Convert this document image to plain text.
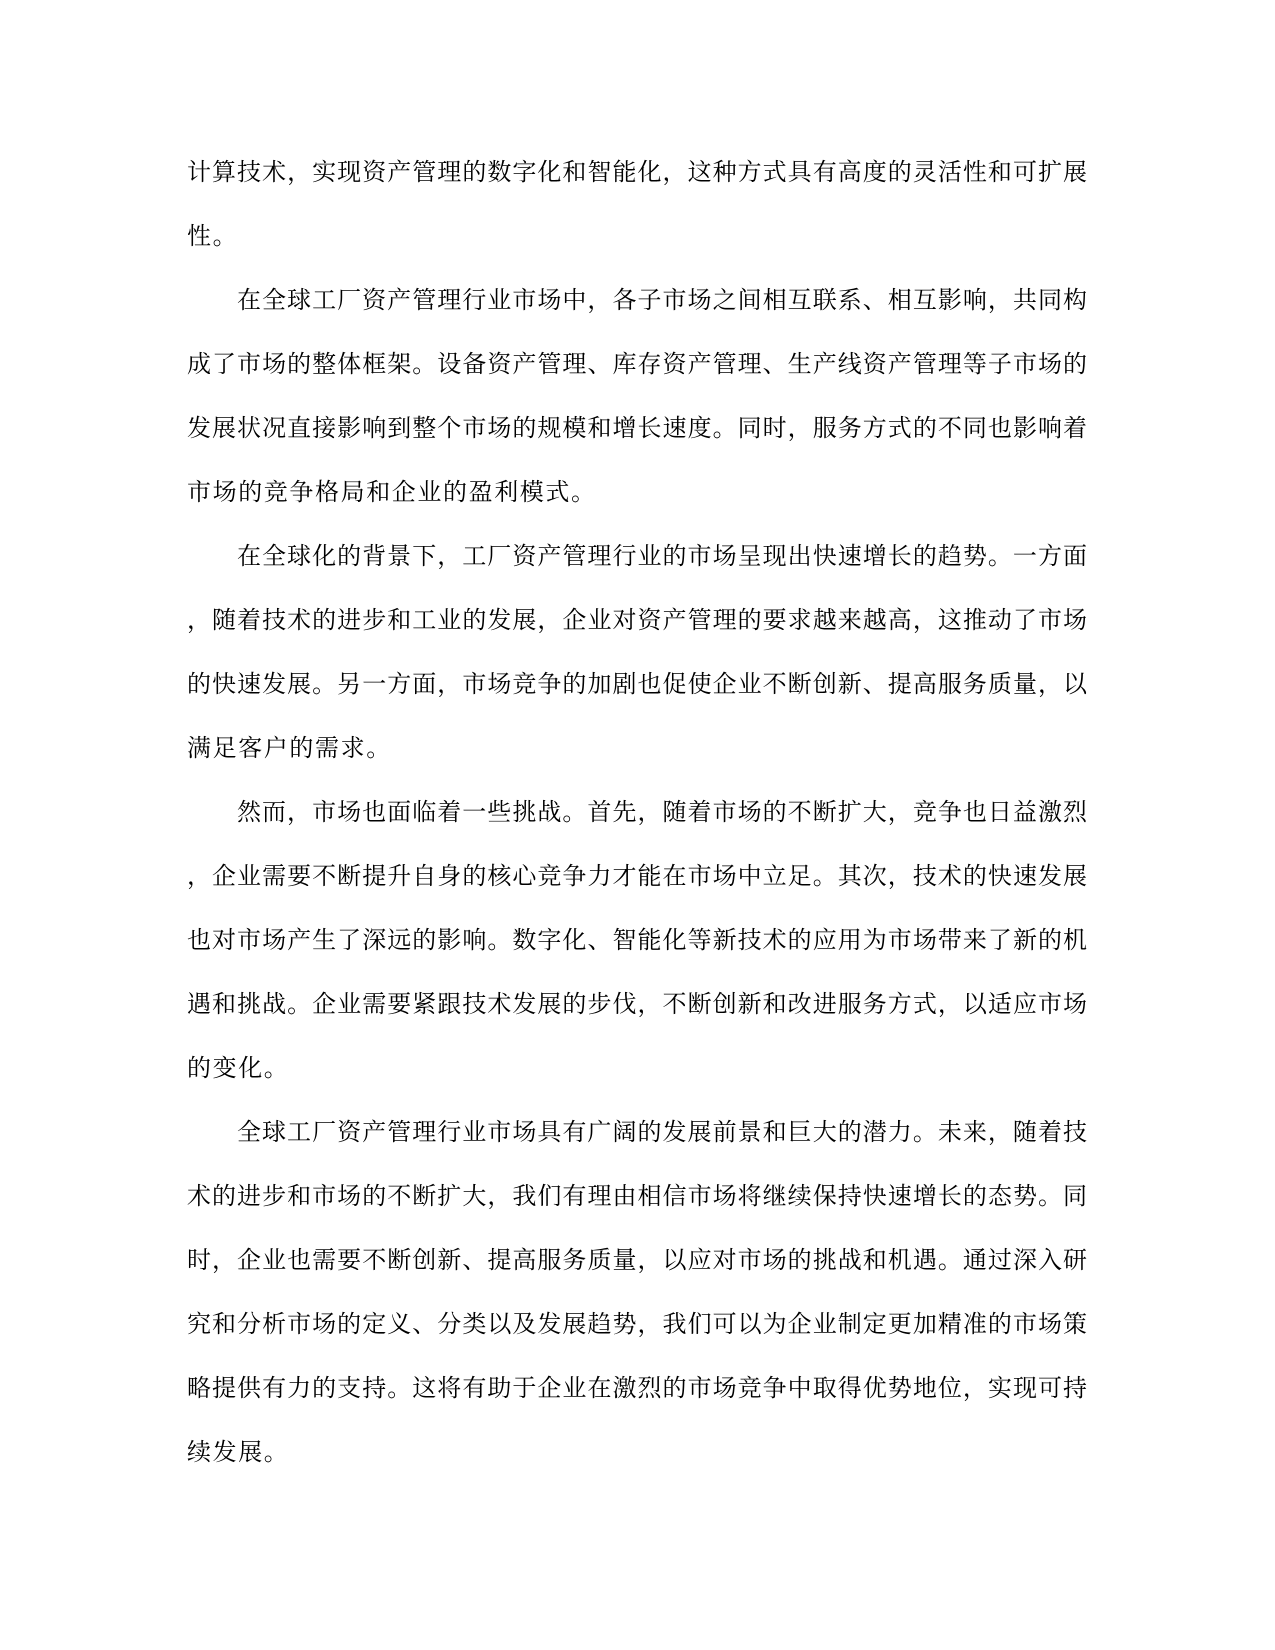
计算技术，实现资产管理的数字化和智能化，这种方式具有高度的灵活性和可扩展
性。
在全球工厂资产管理行业市场中，各子市场之间相互联系、相互影响，共同构
成了市场的整体框架。设备资产管理、库存资产管理、生产线资产管理等子市场的
发展状况直接影响到整个市场的规模和增长速度。同时，服务方式的不同也影响着
市场的竞争格局和企业的盈利模式。
在全球化的背景下，工厂资产管理行业的市场呈现出快速增长的趋势。一方面
，随着技术的进步和工业的发展，企业对资产管理的要求越来越高，这推动了市场
的快速发展。另一方面，市场竞争的加剧也促使企业不断创新、提高服务质量，以
满足客户的需求。
然而，市场也面临着一些挑战。首先，随着市场的不断扩大，竞争也日益激烈
，企业需要不断提升自身的核心竞争力才能在市场中立足。其次，技术的快速发展
也对市场产生了深远的影响。数字化、智能化等新技术的应用为市场带来了新的机
遇和挑战。企业需要紧跟技术发展的步伐，不断创新和改进服务方式，以适应市场
的变化。
全球工厂资产管理行业市场具有广阔的发展前景和巨大的潜力。未来，随着技
术的进步和市场的不断扩大，我们有理由相信市场将继续保持快速增长的态势。同
时，企业也需要不断创新、提高服务质量，以应对市场的挑战和机遇。通过深入研
究和分析市场的定义、分类以及发展趋势，我们可以为企业制定更加精准的市场策
略提供有力的支持。这将有助于企业在激烈的市场竞争中取得优势地位，实现可持
续发展。
